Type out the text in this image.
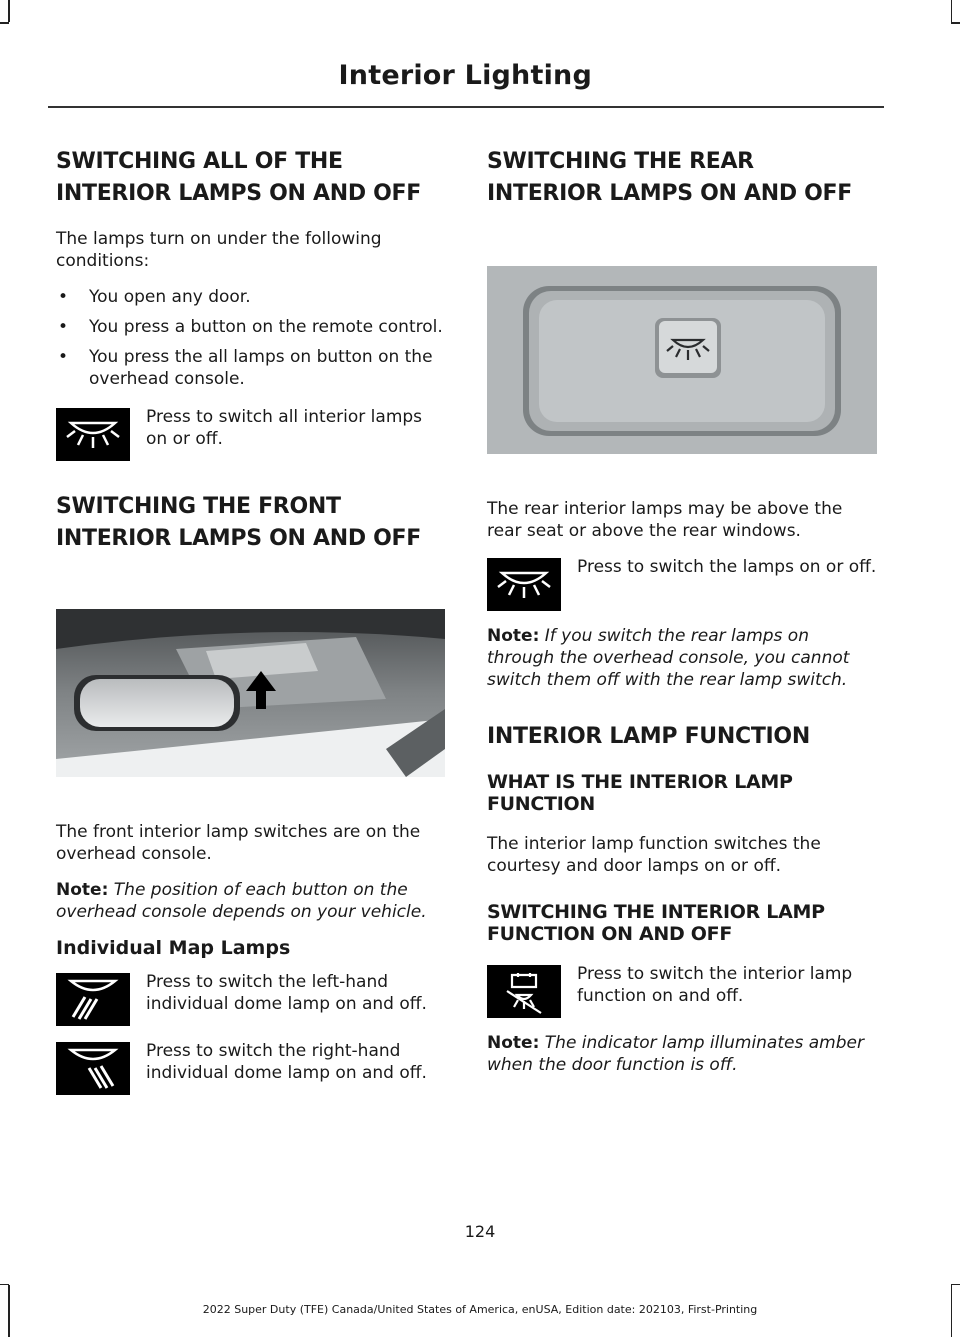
Interior Lighting
SWITCHING ALL OF THE
INTERIOR LAMPS ON AND OFF

The lamps turn on under the following conditions:

• You open any door.
• You press a button on the remote control.
• You press the all lamps on button on the overhead console.
Press to switch all interior lamps on or off.
SWITCHING THE FRONT
INTERIOR LAMPS ON AND OFF

The front interior lamp switches are on the overhead console.

Note: The position of each button on the overhead console depends on your vehicle.

Individual Map Lamps
Press to switch the left-hand individual dome lamp on and off.
Press to switch the right-hand individual dome lamp on and off.
SWITCHING THE REAR
INTERIOR LAMPS ON AND OFF

The rear interior lamps may be above the rear seat or above the rear windows.

Press to switch the lamps on or off.

Note: If you switch the rear lamps on through the overhead console, you cannot switch them off with the rear lamp switch.

INTERIOR LAMP FUNCTION
WHAT IS THE INTERIOR LAMP FUNCTION

The interior lamp function switches the courtesy and door lamps on or off.

SWITCHING THE INTERIOR LAMP FUNCTION ON AND OFF
Press to switch the interior lamp function on and off.

Note: The indicator lamp illuminates amber when the door function is off.

124
2022 Super Duty (TFE) Canada/United States of America, enUSA, Edition date: 202103, First-Printing
